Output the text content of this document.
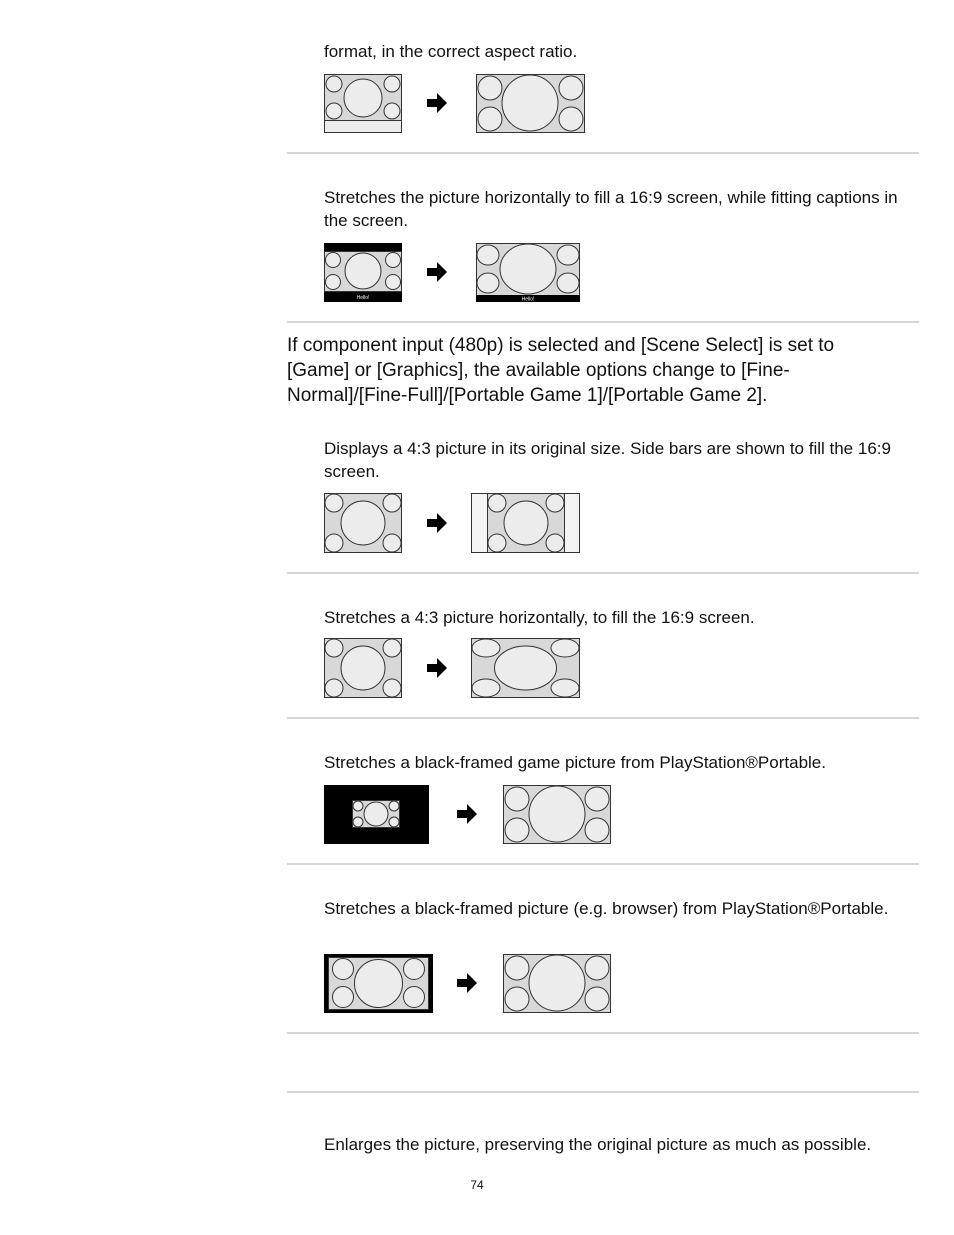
format, in the correct aspect ratio.

Stretches the picture horizontally to fill a 16:9 screen, while fitting captions in the screen.

Hello!	Hello!

If component input (480p) is selected and [Scene Select] is set to [Game] or [Graphics], the available options change to [Fine-Normal]/[Fine-Full]/[Portable Game 1]/[Portable Game 2].

Displays a 4:3 picture in its original size. Side bars are shown to fill the 16:9 screen.

Stretches a 4:3 picture horizontally, to fill the 16:9 screen.

Stretches a black-framed game picture from PlayStation®Portable.

Stretches a black-framed picture (e.g. browser) from PlayStation®Portable.

Enlarges the picture, preserving the original picture as much as possible.

74
